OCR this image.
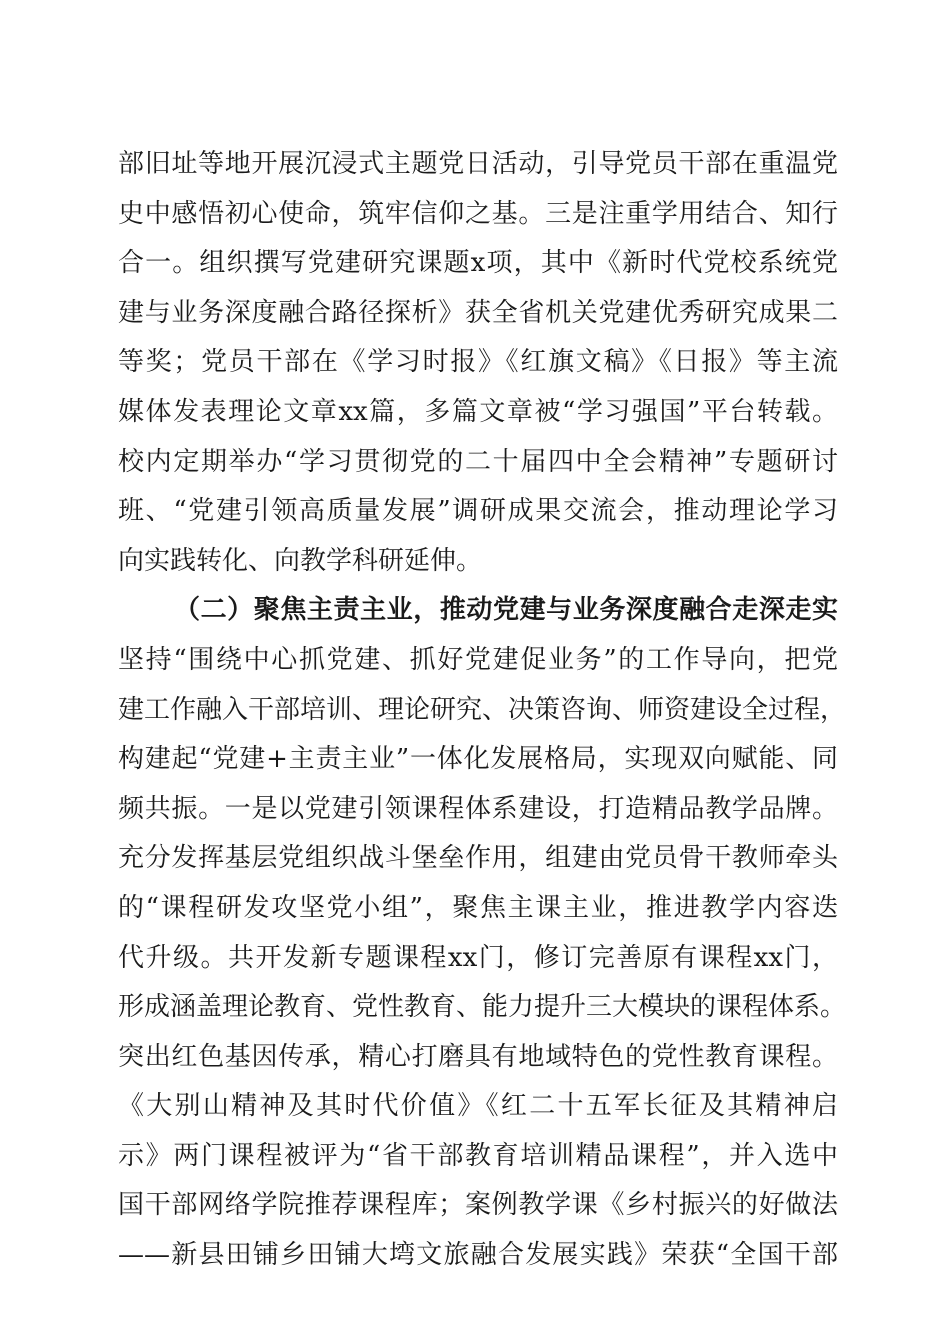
部旧址等地开展沉浸式主题党日活动，引导党员干部在重温党
史中感悟初心使命，筑牢信仰之基。三是注重学用结合、知行
合一。组织撰写党建研究课题x项，其中《新时代党校系统党
建与业务深度融合路径探析》获全省机关党建优秀研究成果二
等奖；党员干部在《学习时报》《红旗文稿》《日报》等主流
媒体发表理论文章xx篇，多篇文章被“学习强国”平台转载。
校内定期举办“学习贯彻党的二十届四中全会精神”专题研讨
班、“党建引领高质量发展”调研成果交流会，推动理论学习
向实践转化、向教学科研延伸。
（二）聚焦主责主业，推动党建与业务深度融合走深走实
坚持“围绕中心抓党建、抓好党建促业务”的工作导向，把党
建工作融入干部培训、理论研究、决策咨询、师资建设全过程，
构建起“党建+主责主业”一体化发展格局，实现双向赋能、同
频共振。一是以党建引领课程体系建设，打造精品教学品牌。
充分发挥基层党组织战斗堡垒作用，组建由党员骨干教师牵头
的“课程研发攻坚党小组”，聚焦主课主业，推进教学内容迭
代升级。共开发新专题课程xx门，修订完善原有课程xx门，
形成涵盖理论教育、党性教育、能力提升三大模块的课程体系。
突出红色基因传承，精心打磨具有地域特色的党性教育课程。
《大别山精神及其时代价值》《红二十五军长征及其精神启
示》两门课程被评为“省干部教育培训精品课程”，并入选中
国干部网络学院推荐课程库；案例教学课《乡村振兴的好做法
——新县田铺乡田铺大塆文旅融合发展实践》荣获“全国干部
